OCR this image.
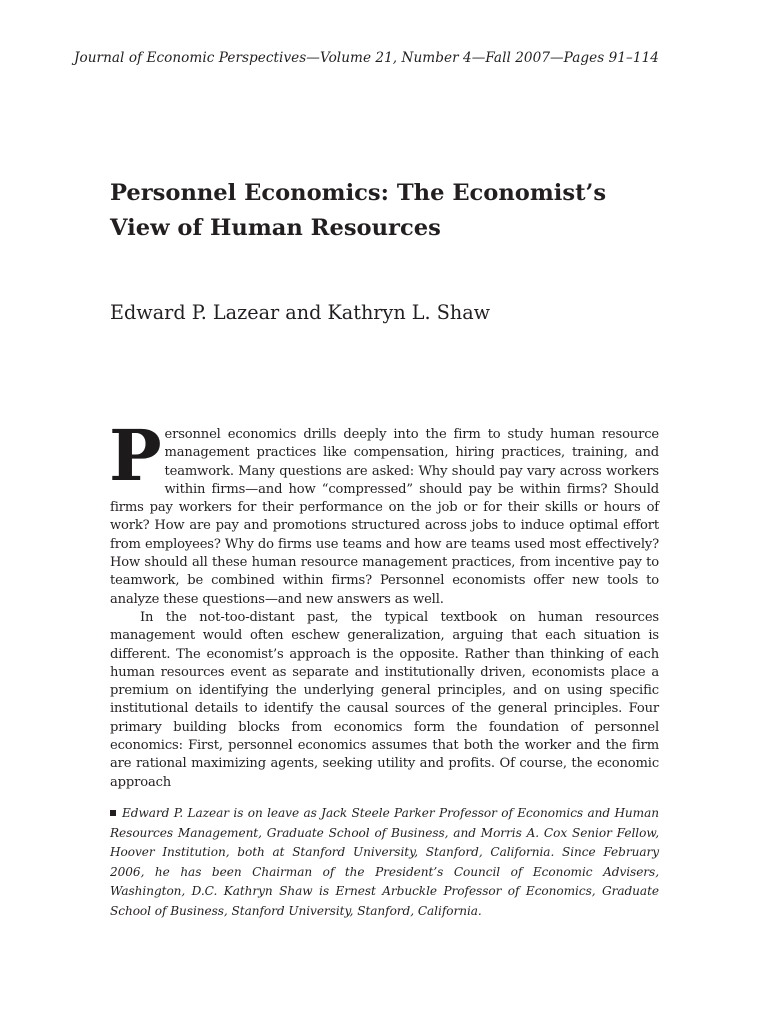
Journal of Economic Perspectives—Volume 21, Number 4—Fall 2007—Pages 91–114
Personnel Economics: The Economist’s
View of Human Resources

Edward P. Lazear and Kathryn L. Shaw

Personnel economics drills deeply into the firm to study human resource management practices like compensation, hiring practices, training, and teamwork. Many questions are asked: Why should pay vary across workers within firms—and how “compressed” should pay be within firms? Should firms pay workers for their performance on the job or for their skills or hours of work? How are pay and promotions structured across jobs to induce optimal effort from employees? Why do firms use teams and how are teams used most effectively? How should all these human resource management practices, from incentive pay to teamwork, be combined within firms? Personnel economists offer new tools to analyze these questions—and new answers as well.

In the not-too-distant past, the typical textbook on human resources management would often eschew generalization, arguing that each situation is different. The economist’s approach is the opposite. Rather than thinking of each human resources event as separate and institutionally driven, economists place a premium on identifying the underlying general principles, and on using specific institutional details to identify the causal sources of the general principles. Four primary building blocks from economics form the foundation of personnel economics: First, personnel economics assumes that both the worker and the firm are rational maximizing agents, seeking utility and profits. Of course, the economic approach

Edward P. Lazear is on leave as Jack Steele Parker Professor of Economics and Human Resources Management, Graduate School of Business, and Morris A. Cox Senior Fellow, Hoover Institution, both at Stanford University, Stanford, California. Since February 2006, he has been Chairman of the President’s Council of Economic Advisers, Washington, D.C. Kathryn Shaw is Ernest Arbuckle Professor of Economics, Graduate School of Business, Stanford University, Stanford, California.
